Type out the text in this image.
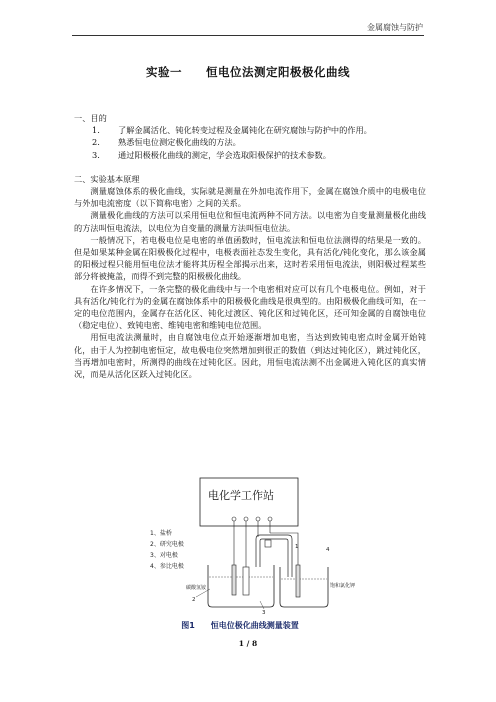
金属腐蚀与防护
实验一 恒电位法测定阳极极化曲线

一、目的

1.	了解金属活化、钝化转变过程及金属钝化在研究腐蚀与防护中的作用。

2.	熟悉恒电位测定极化曲线的方法。

3.	通过阳极极化曲线的测定，学会选取阳极保护的技术参数。

二、实验基本原理

测量腐蚀体系的极化曲线，实际就是测量在外加电流作用下，金属在腐蚀介质中的电极电位与外加电流密度（以下简称电密）之间的关系。

测量极化曲线的方法可以采用恒电位和恒电流两种不同方法。以电密为自变量测量极化曲线的方法叫恒电流法，以电位为自变量的测量方法叫恒电位法。

一般情况下，若电极电位是电密的单值函数时，恒电流法和恒电位法测得的结果是一致的。但是如果某种金属在阳极极化过程中，电极表面社态发生变化，具有活化/钝化变化，那么该金属的阳极过程只能用恒电位法才能将其历程全部揭示出来，这时若采用恒电流法，则阳极过程某些部分将被掩盖，而得不到完整的阳极极化曲线。

在许多情况下，一条完整的极化曲线中与一个电密相对应可以有几个电极电位。例如，对于具有活化/钝化行为的金属在腐蚀体系中的阳极极化曲线是很典型的。由阳极极化曲线可知，在一定的电位范围内，金属存在活化区、钝化过渡区、钝化区和过钝化区，还可知金属的自腐蚀电位（稳定电位）、致钝电密、维钝电密和维钝电位范围。

用恒电流法测量时，由自腐蚀电位点开始逐渐增加电密，当达到致钝电密点时金属开始钝化，由于人为控制电密恒定，故电极电位突然增加到很正的数值（到达过钝化区），跳过钝化区，当再增加电密时，所测得的曲线在过钝化区。因此，用恒电流法测不出金属进入钝化区的真实情况，而是从活化区跃入过钝化区。

电化学工作站
1、盐桥
2、研究电极
3、对电极
4、参比电极
碳酸氢铵	饱和氯化钾
1
2
3
4
图1 恒电位极化曲线测量装置
1 / 8
